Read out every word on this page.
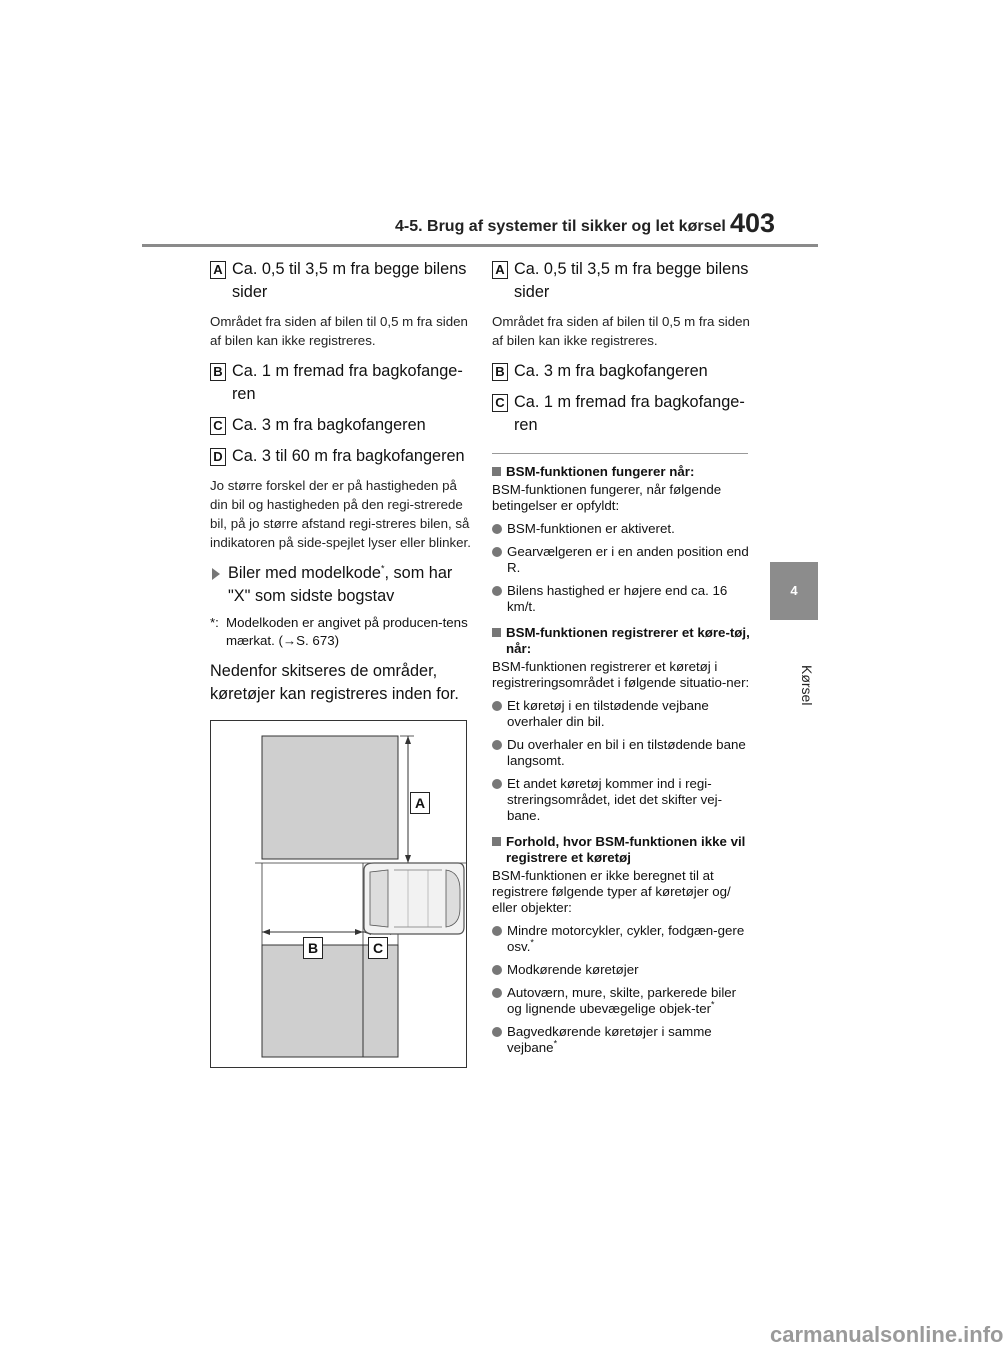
4-5. Brug af systemer til sikker og let kørsel 403
4
Kørsel
A Ca. 0,5 til 3,5 m fra begge bilens sider

Området fra siden af bilen til 0,5 m fra siden af bilen kan ikke registreres.

B Ca. 1 m fremad fra bagkofange-ren
C Ca. 3 m fra bagkofangeren
D Ca. 3 til 60 m fra bagkofangeren

Jo større forskel der er på hastigheden på din bil og hastigheden på den regi-strerede bil, på jo større afstand regi-streres bilen, så indikatoren på side-spejlet lyser eller blinker.

Biler med modelkode*, som har "X" som sidste bogstav
*: Modelkoden er angivet på producen-tens mærkat. (→S. 673)

Nedenfor skitseres de områder, køretøjer kan registreres inden for.

A
B	C
A Ca. 0,5 til 3,5 m fra begge bilens sider

Området fra siden af bilen til 0,5 m fra siden af bilen kan ikke registreres.

B Ca. 3 m fra bagkofangeren
C Ca. 1 m fremad fra bagkofange-ren
BSM-funktionen fungerer når:

BSM-funktionen fungerer, når følgende betingelser er opfyldt:

BSM-funktionen er aktiveret.
Gearvælgeren er i en anden position end R.
Bilens hastighed er højere end ca. 16 km/t.
BSM-funktionen registrerer et køre-tøj, når:

BSM-funktionen registrerer et køretøj i registreringsområdet i følgende situatio-ner:

Et køretøj i en tilstødende vejbane overhaler din bil.
Du overhaler en bil i en tilstødende bane langsomt.
Et andet køretøj kommer ind i regi-streringsområdet, idet det skifter vej-bane.
Forhold, hvor BSM-funktionen ikke vil registrere et køretøj

BSM-funktionen er ikke beregnet til at registrere følgende typer af køretøjer og/ eller objekter:

Mindre motorcykler, cykler, fodgæn-gere osv.*
Modkørende køretøjer
Autoværn, mure, skilte, parkerede biler og lignende ubevægelige objek-ter*
Bagvedkørende køretøjer i samme vejbane*
carmanualsonline.info
